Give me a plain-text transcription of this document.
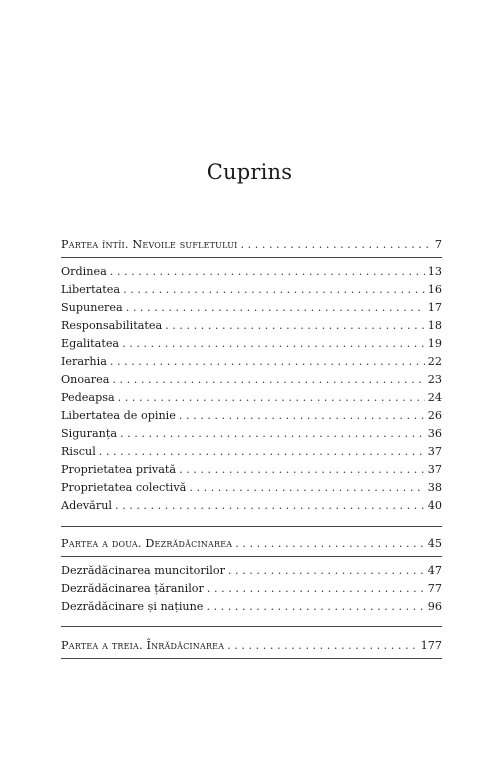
Cuprins
Partea întîi. Nevoile sufletului . . .	7
Ordinea . . .	13
Libertatea . . .	16
Supunerea . . .	17
Responsabilitatea . . .	18
Egalitatea . . .	19
Ierarhia . . .	22
Onoarea . . .	23
Pedeapsa . . .	24
Libertatea de opinie . . .	26
Siguranța . . .	36
Riscul . . .	37
Proprietatea privată . . .	37
Proprietatea colectivă . . .	38
Adevărul . . .	40
Partea a doua. Dezrădăcinarea . . .	45
Dezrădăcinarea muncitorilor . . .	47
Dezrădăcinarea țăranilor . . .	77
Dezrădăcinare și națiune . . .	96
Partea a treia. Înrădăcinarea . . .	177
